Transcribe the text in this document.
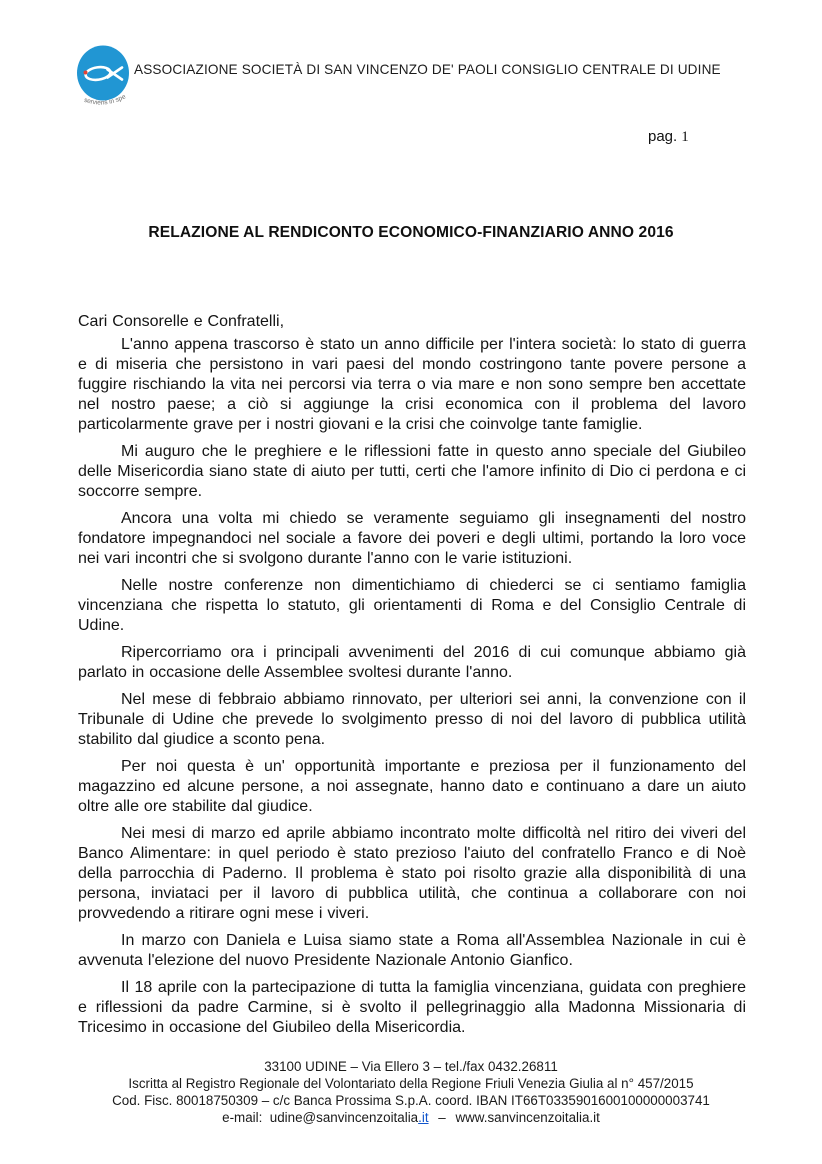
serviens in spe
ASSOCIAZIONE SOCIETÀ DI SAN VINCENZO DE' PAOLI CONSIGLIO CENTRALE DI UDINE
pag. 1
RELAZIONE AL RENDICONTO ECONOMICO-FINANZIARIO ANNO 2016

Cari Consorelle e Confratelli,

L'anno appena trascorso è stato un anno difficile per l'intera società: lo stato di guerra e di miseria che persistono in vari paesi del mondo costringono tante povere persone a fuggire rischiando la vita nei percorsi via terra o via mare e non sono sempre ben accettate nel nostro paese; a ciò si aggiunge la crisi economica con il problema del lavoro particolarmente grave per i nostri giovani e la crisi che coinvolge tante famiglie.

Mi auguro che le preghiere e le riflessioni fatte in questo anno speciale del Giubileo delle Misericordia siano state di aiuto per tutti, certi che l'amore infinito di Dio ci perdona e ci soccorre sempre.

Ancora una volta mi chiedo se veramente seguiamo gli insegnamenti del nostro fondatore impegnandoci nel sociale a favore dei poveri e degli ultimi, portando la loro voce nei vari incontri che si svolgono durante l'anno con le varie istituzioni.

Nelle nostre conferenze non dimentichiamo di chiederci se ci sentiamo famiglia vincenziana che rispetta lo statuto, gli orientamenti di Roma e del Consiglio Centrale di Udine.

Ripercorriamo ora i principali avvenimenti del 2016 di cui comunque abbiamo già parlato in occasione delle Assemblee svoltesi durante l'anno.

Nel mese di febbraio abbiamo rinnovato, per ulteriori sei anni, la convenzione con il Tribunale di Udine che prevede lo svolgimento presso di noi del lavoro di pubblica utilità stabilito dal giudice a sconto pena.

Per noi questa è un' opportunità importante e preziosa per il funzionamento del magazzino ed alcune persone, a noi assegnate, hanno dato e continuano a dare un aiuto oltre alle ore stabilite dal giudice.

Nei mesi di marzo ed aprile abbiamo incontrato molte difficoltà nel ritiro dei viveri del Banco Alimentare: in quel periodo è stato prezioso l'aiuto del confratello Franco e di Noè della parrocchia di Paderno. Il problema è stato poi risolto grazie alla disponibilità di una persona, inviataci per il lavoro di pubblica utilità, che continua a collaborare con noi provvedendo a ritirare ogni mese i viveri.

In marzo con Daniela e Luisa siamo state a Roma all'Assemblea Nazionale in cui è avvenuta l'elezione del nuovo Presidente Nazionale Antonio Gianfico.

Il 18 aprile con la partecipazione di tutta la famiglia vincenziana, guidata con preghiere e riflessioni da padre Carmine, si è svolto il pellegrinaggio alla Madonna Missionaria di Tricesimo in occasione del Giubileo della Misericordia.

33100 UDINE – Via Ellero 3 – tel./fax 0432.26811
Iscritta al Registro Regionale del Volontariato della Regione Friuli Venezia Giulia al n° 457/2015
Cod. Fisc. 80018750309 – c/c Banca Prossima S.p.A. coord. IBAN IT66T0335901600100000003741
e-mail: udine@sanvincenzoitalia.it – www.sanvincenzoitalia.it
